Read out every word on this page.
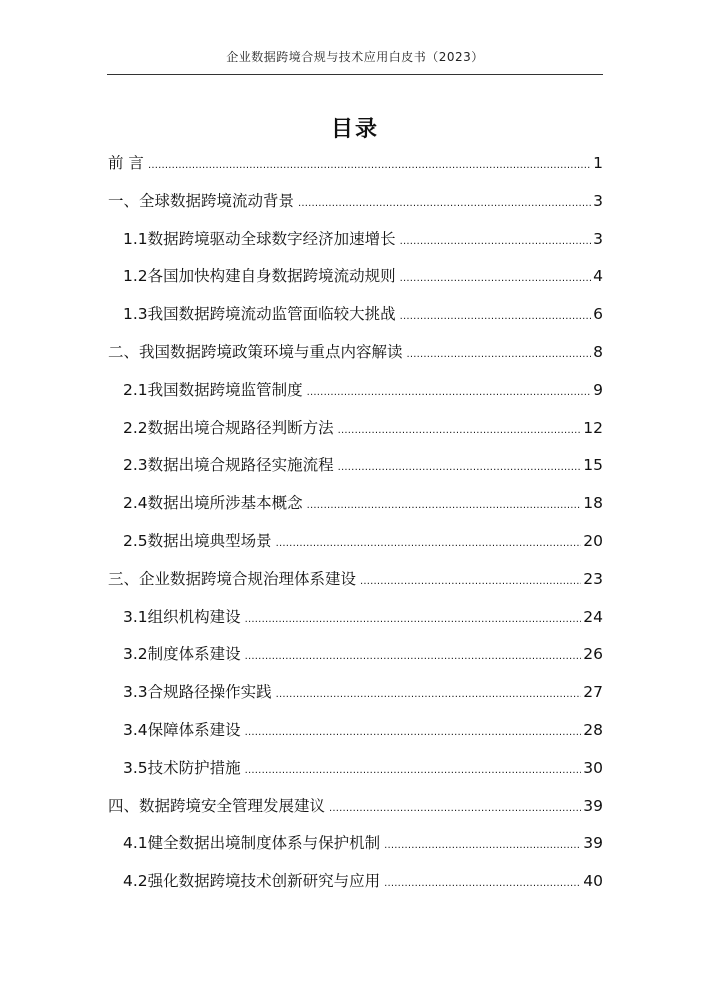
企业数据跨境合规与技术应用白皮书（2023）
目录
前 言 .....	1
一、全球数据跨境流动背景 .....	3
1.1 数据跨境驱动全球数字经济加速增长 .....	3
1.2 各国加快构建自身数据跨境流动规则 .....	4
1.3 我国数据跨境流动监管面临较大挑战 .....	6
二、我国数据跨境政策环境与重点内容解读 .....	8
2.1 我国数据跨境监管制度 .....	9
2.2 数据出境合规路径判断方法 .....	12
2.3 数据出境合规路径实施流程 .....	15
2.4 数据出境所涉基本概念 .....	18
2.5 数据出境典型场景 .....	20
三、企业数据跨境合规治理体系建设 .....	23
3.1 组织机构建设 .....	24
3.2 制度体系建设 .....	26
3.3 合规路径操作实践 .....	27
3.4 保障体系建设 .....	28
3.5 技术防护措施 .....	30
四、数据跨境安全管理发展建议 .....	39
4.1 健全数据出境制度体系与保护机制 .....	39
4.2 强化数据跨境技术创新研究与应用 .....	40
